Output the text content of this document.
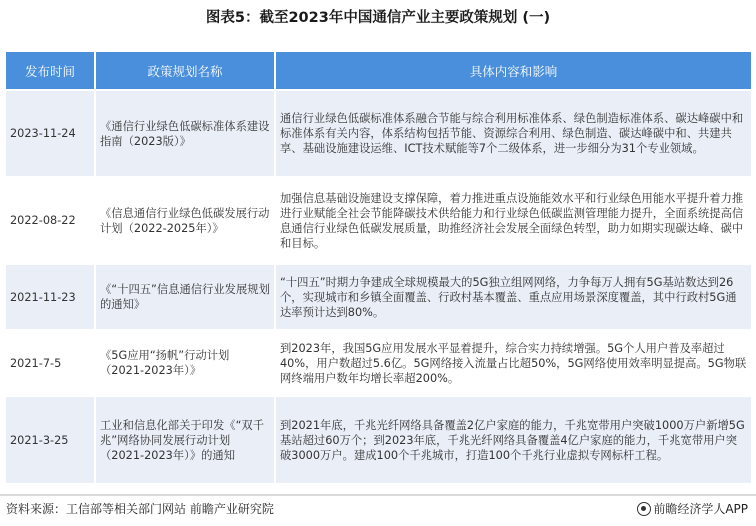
图表5：截至2023年中国通信产业主要政策规划 (一)
发布时间	政策规划名称	具体内容和影响
2023-11-24	《通信行业绿色低碳标准体系建设指南（2023版）》	通信行业绿色低碳标准体系融合节能与综合利用标准体系、绿色制造标准体系、碳达峰碳中和标准体系有关内容，体系结构包括节能、资源综合利用、绿色制造、碳达峰碳中和、共建共享、基础设施建设运维、ICT技术赋能等7个二级体系，进一步细分为31个专业领域。
2022-08-22	《信息通信行业绿色低碳发展行动计划（2022-2025年）》	加强信息基础设施建设支撑保障，着力推进重点设施能效水平和行业绿色用能水平提升着力推进行业赋能全社会节能降碳技术供给能力和行业绿色低碳监测管理能力提升，全面系统提高信息通信行业绿色低碳发展质量，助推经济社会发展全面绿色转型，助力如期实现碳达峰、碳中和目标。
2021-11-23	《“十四五”信息通信行业发展规划的通知》	“十四五”时期力争建成全球规模最大的5G独立组网网络，力争每万人拥有5G基站数达到26个，实现城市和乡镇全面覆盖、行政村基本覆盖、重点应用场景深度覆盖，其中行政村5G通达率预计达到80%。
2021-7-5	《5G应用“扬帆”行动计划（2021-2023年）》	到2023年，我国5G应用发展水平显着提升，综合实力持续增强。5G个人用户普及率超过40%，用户数超过5.6亿。5G网络接入流量占比超50%，5G网络使用效率明显提高。5G物联网终端用户数年均增长率超200%。
2021-3-25	工业和信息化部关于印发《“双千兆”网络协同发展行动计划（2021-2023年）》的通知	到2021年底，千兆光纤网络具备覆盖2亿户家庭的能力，千兆宽带用户突破1000万户新增5G基站超过60万个；到2023年底，千兆光纤网络具备覆盖4亿户家庭的能力，千兆宽带用户突破3000万户。建成100个千兆城市，打造100个千兆行业虚拟专网标杆工程。
资料来源：工信部等相关部门网站 前瞻产业研究院	前瞻经济学人APP
